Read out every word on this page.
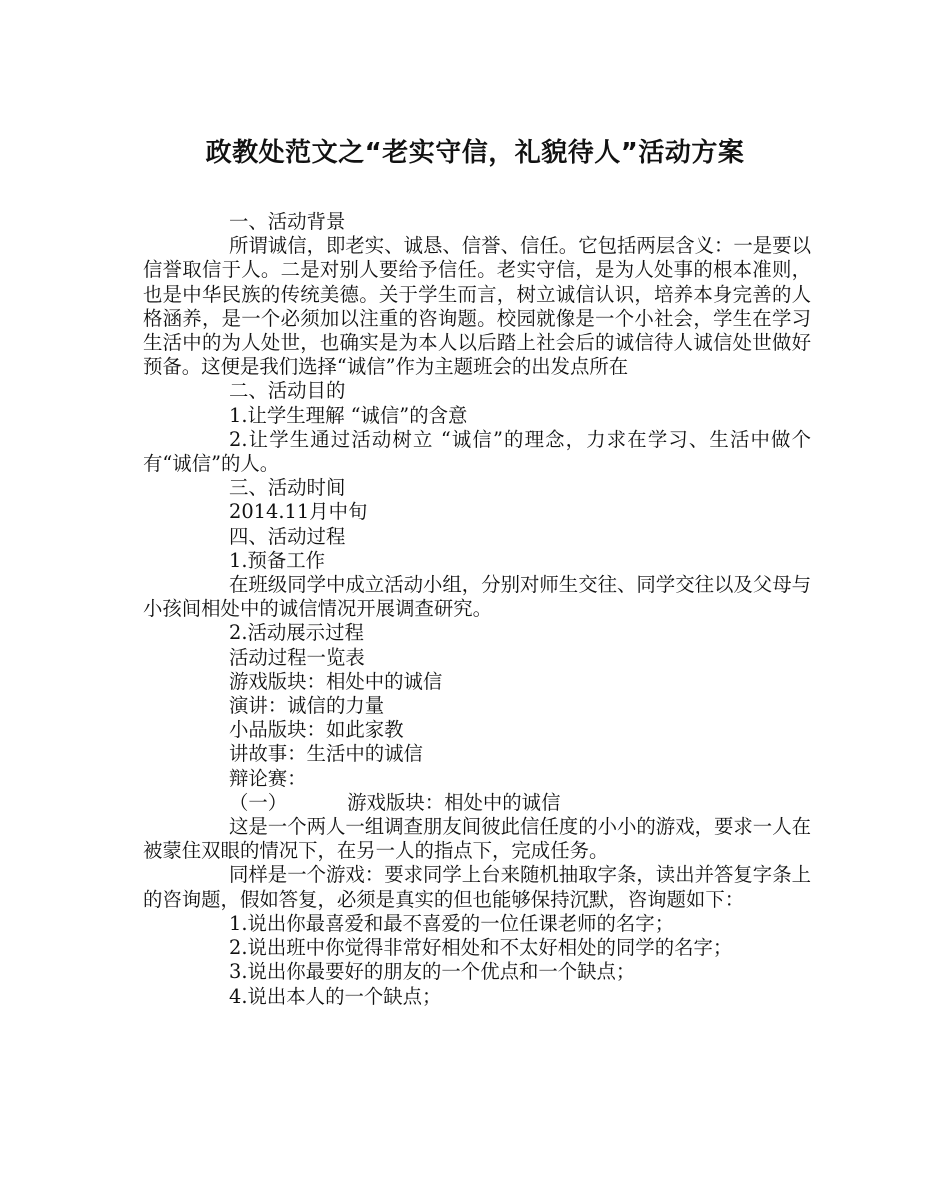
政教处范文之“老实守信，礼貌待人”活动方案

一、活动背景

所谓诚信，即老实、诚恳、信誉、信任。它包括两层含义：一是要以信誉取信于人。二是对别人要给予信任。老实守信，是为人处事的根本准则，也是中华民族的传统美德。关于学生而言，树立诚信认识，培养本身完善的人格涵养，是一个必须加以注重的咨询题。校园就像是一个小社会，学生在学习生活中的为人处世，也确实是为本人以后踏上社会后的诚信待人诚信处世做好预备。这便是我们选择“诚信”作为主题班会的出发点所在

二、活动目的

1.让学生理解 “诚信”的含意

2.让学生通过活动树立 “诚信”的理念，力求在学习、生活中做个有“诚信”的人。

三、活动时间

2014.11月中旬

四、活动过程

1.预备工作

在班级同学中成立活动小组，分别对师生交往、同学交往以及父母与小孩间相处中的诚信情况开展调查研究。

2.活动展示过程

活动过程一览表

游戏版块：相处中的诚信

演讲：诚信的力量

小品版块：如此家教

讲故事：生活中的诚信

辩论赛：

（一）	游戏版块：相处中的诚信

这是一个两人一组调查朋友间彼此信任度的小小的游戏，要求一人在被蒙住双眼的情况下，在另一人的指点下，完成任务。

同样是一个游戏：要求同学上台来随机抽取字条，读出并答复字条上的咨询题，假如答复，必须是真实的但也能够保持沉默，咨询题如下：

1.说出你最喜爱和最不喜爱的一位任课老师的名字；

2.说出班中你觉得非常好相处和不太好相处的同学的名字；

3.说出你最要好的朋友的一个优点和一个缺点；

4.说出本人的一个缺点；
